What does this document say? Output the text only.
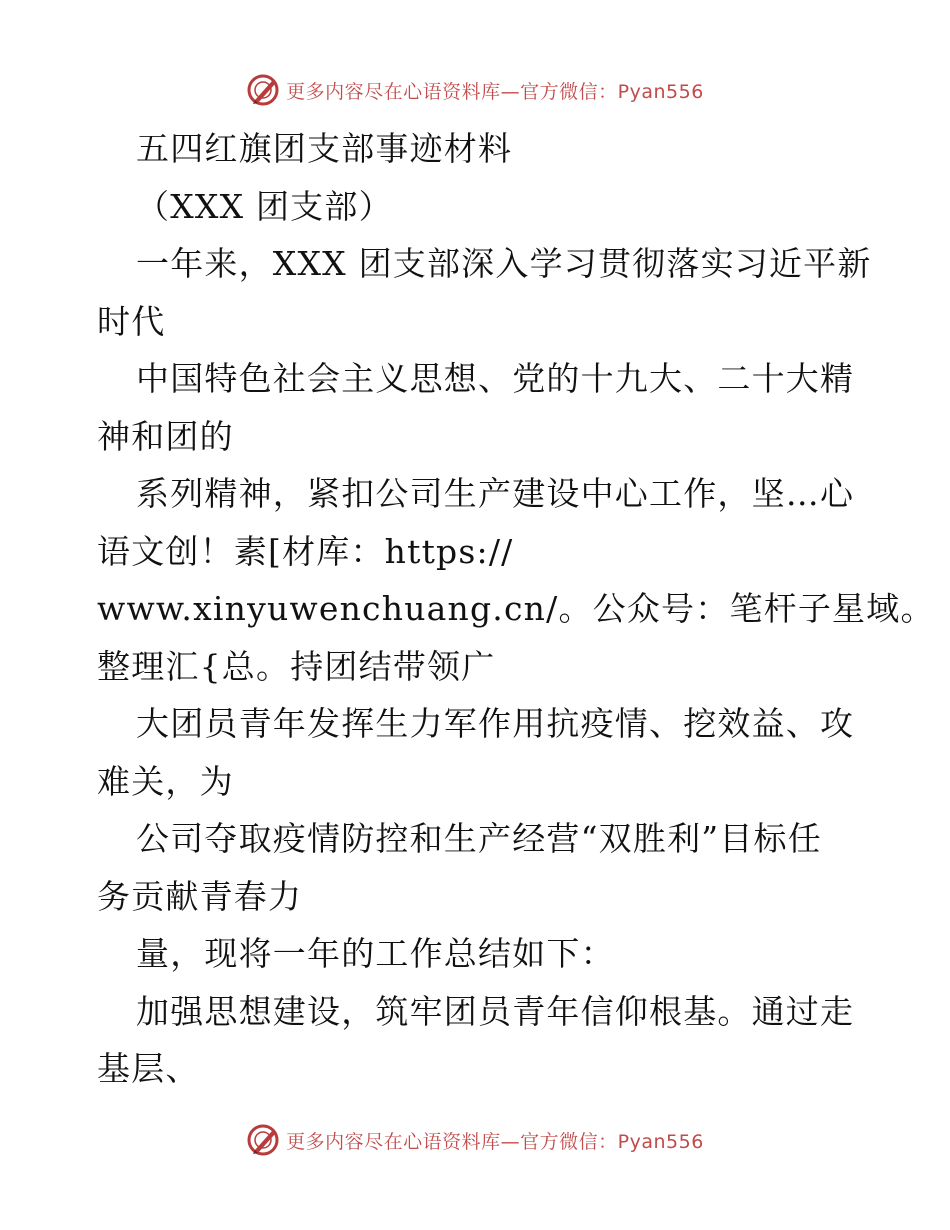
更多内容尽在心语资料库—官方微信：Pyan556
五四红旗团支部事迹材料
（XXX 团支部）
一年来，XXX 团支部深入学习贯彻落实习近平新
时代
中国特色社会主义思想、党的十九大、二十大精
神和团的
系列精神，紧扣公司生产建设中心工作，坚…心
语文创！素[材库：https://
www.xinyuwenchuang.cn/。公众号：笔杆子星域。
整理汇{总。持团结带领广
大团员青年发挥生力军作用抗疫情、挖效益、攻
难关，为
公司夺取疫情防控和生产经营“双胜利”目标任
务贡献青春力
量，现将一年的工作总结如下：
加强思想建设，筑牢团员青年信仰根基。通过走
基层、
更多内容尽在心语资料库—官方微信：Pyan556
